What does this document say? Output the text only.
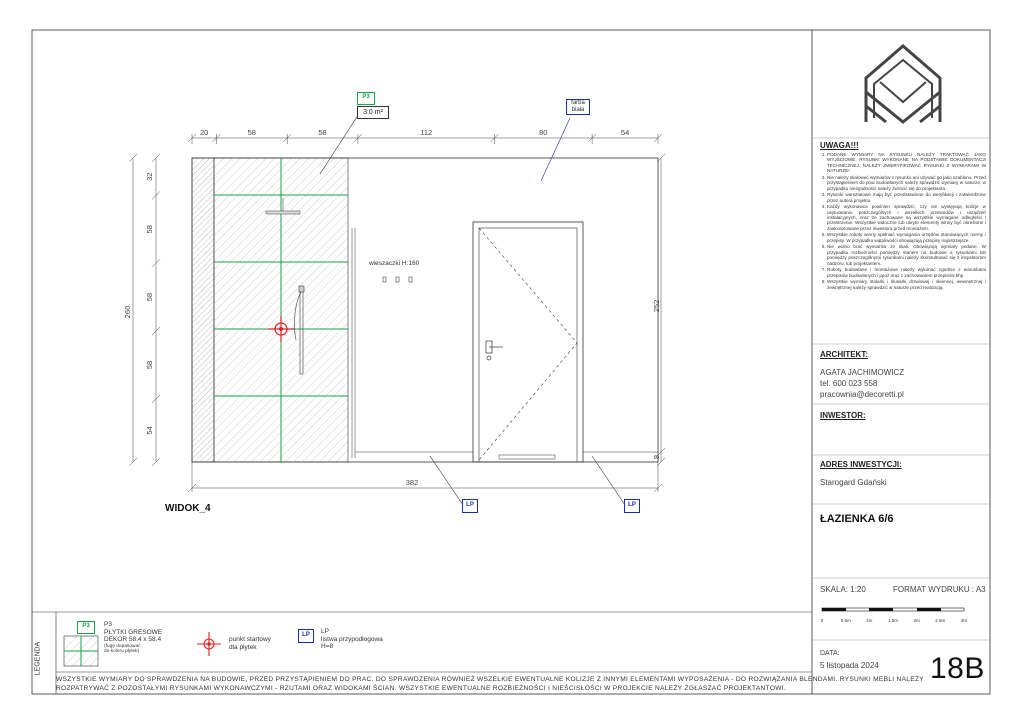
20	58	58	112	80	54
32
58
58
58
54
260	252
8
382
0	0,5m	1m	1,5m	2m	2,5m	3m
P3
3.0 m²
farba
biała
wieszaczki H:160
LP	LP
WIDOK_4
LEGENDA
P3	P3
PŁYTKI GRESOWE
DEKOR 58.4 x 58.4
(fugę dopasować
do koloru płytek)
punkt startowy
dla płytek
LP	LP
listwa przypodłogowa
H=8
WSZYSTKIE WYMIARY DO SPRAWDZENIA NA BUDOWIE, PRZED PRZYSTĄPIENIEM DO PRAC. DO SPRAWDZENIA RÓWNIEŻ WSZELKIE EWENTUALNE KOLIZJE Z INNYMI ELEMENTAMI WYPOSAŻENIA - DO ROZWIĄZANIA BLENDAMI. RYSUNKI MEBLI NALEŻY
ROZPATRYWAĆ Z POZOSTAŁYMI RYSUNKAMI WYKONAWCZYMI - RZUTAMI ORAZ WIDOKAMI ŚCIAN. WSZYSTKIE EWENTUALNE ROZBIEŻNOŚCI I NIEŚCISŁOŚCI W PROJEKCIE NALEŻY ZGŁASZAĆ PROJEKTANTOWI.
UWAGA!!!
1. PODANE WYMIARY NA RYSUNKU NALEŻY TRAKTOWAĆ JAKO WYJŚCIOWE. RYSUNKI WYKONANE NA PODSTAWIE DOKUMENTACJI TECHNICZNEJ. NALEŻY ZWERYFIKOWAĆ RYSUNKI Z WYMIARAMI W NATURZE!
2. Nie należy skalować wymiarów z rysunku ani używać go jako szablonu. Przed przystąpieniem do prac budowlanych należy sprawdzić wymiary w naturze, w przypadku niezgodności należy zwrócić się do projektanta.
3. Rysunki warsztatowe mają być przedstawione do weryfikacji i zatwierdzone przez autora projektu.
4. Każdy wykonawca powinien sprawdzić, czy nie występują kolizje w usytuowaniu poszczególnych i wszelkich przewodów i urządzeń instalacyjnych, oraz że zachowane są wszystkie wymagane odległości i przestrzenie. Wszystkie widoczne lub ukryte elementy winny być określone i zaakceptowane przez inwestora przed montażem.
5. Wszystkie roboty winny spełniać wymagania urzędów stanowiących normy i przepisy. W przypadku wątpliwości obowiązują przepisy najostrzejsze.
6. Nie wolno brać wymiarów ze skali. Obowiązują wymiary podane. W przypadku rozbieżności pomiędzy stanem na budowie a rysunkami lub pomiędzy poszczególnymi rysunkami należy skonsultować się z inspektorem nadzoru, lub projektantem.
7. Roboty budowlane i montażowe należy wykonać zgodnie z warunkami przepisów budowlanych i ppoż oraz z zachowaniem przepisów bhp.
8. Wszystkie wymiary stolarki i ślusarki drzwiowej i okiennej, wewnętrznej i zewnętrznej należy sprawdzić w naturze przed realizacją.
ARCHITEKT:
AGATA JACHIMOWICZ
tel. 600 023 558
pracownia@decoretti.pl
INWESTOR:
ADRES INWESTYCJI:
Starogard Gdański
ŁAZIENKA 6/6
SKALA: 1:20	FORMAT WYDRUKU : A3
DATA:
5 listopada 2024 18B
